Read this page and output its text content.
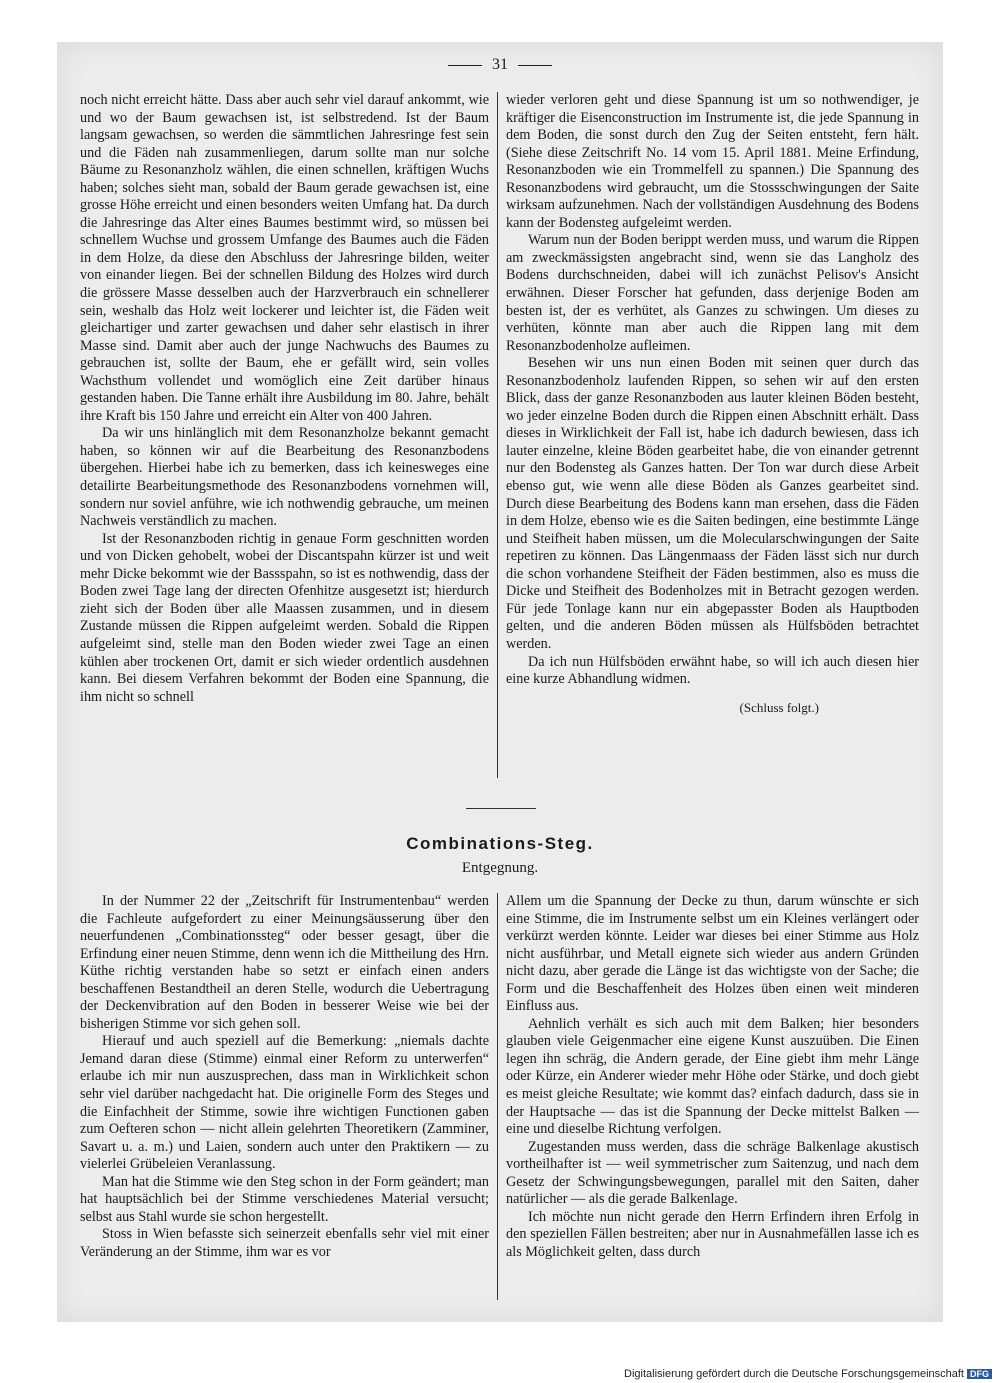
31

noch nicht erreicht hätte. Dass aber auch sehr viel darauf ankommt, wie und wo der Baum gewachsen ist, ist selbstredend. Ist der Baum langsam gewachsen, so werden die sämmtlichen Jahresringe fest sein und die Fäden nah zusammenliegen, darum sollte man nur solche Bäume zu Resonanzholz wählen, die einen schnellen, kräftigen Wuchs haben; solches sieht man, sobald der Baum gerade gewachsen ist, eine grosse Höhe erreicht und einen besonders weiten Umfang hat. Da durch die Jahresringe das Alter eines Baumes bestimmt wird, so müssen bei schnellem Wuchse und grossem Umfange des Baumes auch die Fäden in dem Holze, da diese den Abschluss der Jahresringe bilden, weiter von einander liegen. Bei der schnellen Bildung des Holzes wird durch die grössere Masse desselben auch der Harzverbrauch ein schnellerer sein, weshalb das Holz weit lockerer und leichter ist, die Fäden weit gleichartiger und zarter gewachsen und daher sehr elastisch in ihrer Masse sind. Damit aber auch der junge Nachwuchs des Baumes zu gebrauchen ist, sollte der Baum, ehe er gefällt wird, sein volles Wachsthum vollendet und womöglich eine Zeit darüber hinaus gestanden haben. Die Tanne erhält ihre Ausbildung im 80. Jahre, behält ihre Kraft bis 150 Jahre und erreicht ein Alter von 400 Jahren.

Da wir uns hinlänglich mit dem Resonanzholze bekannt gemacht haben, so können wir auf die Bearbeitung des Resonanzbodens übergehen. Hierbei habe ich zu bemerken, dass ich keinesweges eine detailirte Bearbeitungsmethode des Resonanzbodens vornehmen will, sondern nur soviel anführe, wie ich nothwendig gebrauche, um meinen Nachweis verständlich zu machen.

Ist der Resonanzboden richtig in genaue Form geschnitten worden und von Dicken gehobelt, wobei der Discantspahn kürzer ist und weit mehr Dicke bekommt wie der Bassspahn, so ist es nothwendig, dass der Boden zwei Tage lang der directen Ofenhitze ausgesetzt ist; hierdurch zieht sich der Boden über alle Maassen zusammen, und in diesem Zustande müssen die Rippen aufgeleimt werden. Sobald die Rippen aufgeleimt sind, stelle man den Boden wieder zwei Tage an einen kühlen aber trockenen Ort, damit er sich wieder ordentlich ausdehnen kann. Bei diesem Verfahren bekommt der Boden eine Spannung, die ihm nicht so schnell

wieder verloren geht und diese Spannung ist um so nothwendiger, je kräftiger die Eisenconstruction im Instrumente ist, die jede Spannung in dem Boden, die sonst durch den Zug der Seiten entsteht, fern hält. (Siehe diese Zeitschrift No. 14 vom 15. April 1881. Meine Erfindung, Resonanzboden wie ein Trommelfell zu spannen.) Die Spannung des Resonanzbodens wird gebraucht, um die Stossschwingungen der Saite wirksam aufzunehmen. Nach der vollständigen Ausdehnung des Bodens kann der Bodensteg aufgeleimt werden.

Warum nun der Boden berippt werden muss, und warum die Rippen am zweckmässigsten angebracht sind, wenn sie das Langholz des Bodens durchschneiden, dabei will ich zunächst Pelisov's Ansicht erwähnen. Dieser Forscher hat gefunden, dass derjenige Boden am besten ist, der es verhütet, als Ganzes zu schwingen. Um dieses zu verhüten, könnte man aber auch die Rippen lang mit dem Resonanzbodenholze aufleimen.

Besehen wir uns nun einen Boden mit seinen quer durch das Resonanzbodenholz laufenden Rippen, so sehen wir auf den ersten Blick, dass der ganze Resonanzboden aus lauter kleinen Böden besteht, wo jeder einzelne Boden durch die Rippen einen Abschnitt erhält. Dass dieses in Wirklichkeit der Fall ist, habe ich dadurch bewiesen, dass ich lauter einzelne, kleine Böden gearbeitet habe, die von einander getrennt nur den Bodensteg als Ganzes hatten. Der Ton war durch diese Arbeit ebenso gut, wie wenn alle diese Böden als Ganzes gearbeitet sind. Durch diese Bearbeitung des Bodens kann man ersehen, dass die Fäden in dem Holze, ebenso wie es die Saiten bedingen, eine bestimmte Länge und Steifheit haben müssen, um die Molecularschwingungen der Saite repetiren zu können. Das Längenmaass der Fäden lässt sich nur durch die schon vorhandene Steifheit der Fäden bestimmen, also es muss die Dicke und Steifheit des Bodenholzes mit in Betracht gezogen werden. Für jede Tonlage kann nur ein abgepasster Boden als Hauptboden gelten, und die anderen Böden müssen als Hülfsböden betrachtet werden.

Da ich nun Hülfsböden erwähnt habe, so will ich auch diesen hier eine kurze Abhandlung widmen.

(Schluss folgt.)

Combinations-Steg.
Entgegnung.

In der Nummer 22 der „Zeitschrift für Instrumentenbau“ werden die Fachleute aufgefordert zu einer Meinungsäusserung über den neuerfundenen „Combinationssteg“ oder besser gesagt, über die Erfindung einer neuen Stimme, denn wenn ich die Mittheilung des Hrn. Küthe richtig verstanden habe so setzt er einfach einen anders beschaffenen Bestandtheil an deren Stelle, wodurch die Uebertragung der Deckenvibration auf den Boden in besserer Weise wie bei der bisherigen Stimme vor sich gehen soll.

Hierauf und auch speziell auf die Bemerkung: „niemals dachte Jemand daran diese (Stimme) einmal einer Reform zu unterwerfen“ erlaube ich mir nun auszusprechen, dass man in Wirklichkeit schon sehr viel darüber nachgedacht hat. Die originelle Form des Steges und die Einfachheit der Stimme, sowie ihre wichtigen Functionen gaben zum Oefteren schon — nicht allein gelehrten Theoretikern (Zamminer, Savart u. a. m.) und Laien, sondern auch unter den Praktikern — zu vielerlei Grübeleien Veranlassung.

Man hat die Stimme wie den Steg schon in der Form geändert; man hat hauptsächlich bei der Stimme verschiedenes Material versucht; selbst aus Stahl wurde sie schon hergestellt.

Stoss in Wien befasste sich seinerzeit ebenfalls sehr viel mit einer Veränderung an der Stimme, ihm war es vor

Allem um die Spannung der Decke zu thun, darum wünschte er sich eine Stimme, die im Instrumente selbst um ein Kleines verlängert oder verkürzt werden könnte. Leider war dieses bei einer Stimme aus Holz nicht ausführbar, und Metall eignete sich wieder aus andern Gründen nicht dazu, aber gerade die Länge ist das wichtigste von der Sache; die Form und die Beschaffenheit des Holzes üben einen weit minderen Einfluss aus.

Aehnlich verhält es sich auch mit dem Balken; hier besonders glauben viele Geigenmacher eine eigene Kunst auszuüben. Die Einen legen ihn schräg, die Andern gerade, der Eine giebt ihm mehr Länge oder Kürze, ein Anderer wieder mehr Höhe oder Stärke, und doch giebt es meist gleiche Resultate; wie kommt das? einfach dadurch, dass sie in der Hauptsache — das ist die Spannung der Decke mittelst Balken — eine und dieselbe Richtung verfolgen.

Zugestanden muss werden, dass die schräge Balkenlage akustisch vortheilhafter ist — weil symmetrischer zum Saitenzug, und nach dem Gesetz der Schwingungsbewegungen, parallel mit den Saiten, daher natürlicher — als die gerade Balkenlage.

Ich möchte nun nicht gerade den Herrn Erfindern ihren Erfolg in den speziellen Fällen bestreiten; aber nur in Ausnahmefällen lasse ich es als Möglichkeit gelten, dass durch

Digitalisierung gefördert durch die Deutsche Forschungsgemeinschaft DFG
